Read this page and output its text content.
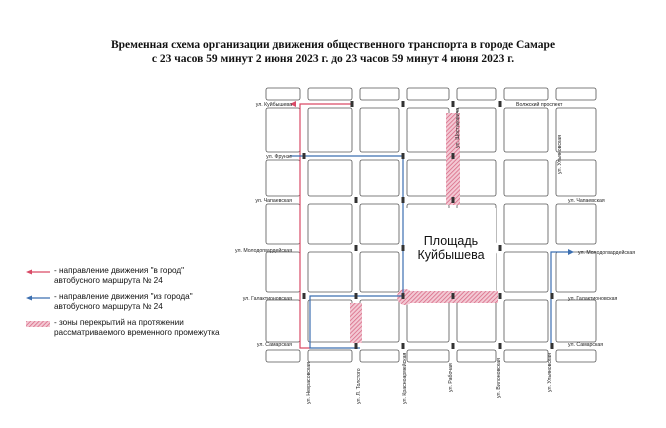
Временная схема организации движения общественного транспорта в городе Самаре
с 23 часов 59 минут 2 июня 2023 г. до 23 часов 59 минут 4 июня 2023 г.
Площадь
Куйбышева
ул. Куйбышева
ул. Фрунзе
ул. Чапаевская
ул. Молодогвардейская
ул. Галактионовская
ул. Самарская
Волжский проспект
ул. Чапаевская
ул. Молодогвардейская
ул. Галактионовская
ул. Самарская
ул. Ульяновская
ул. Ульяновская
ул. Шостаковича
ул. Некрасовская	ул. Л. Толстого	ул. Красноармейская	ул. Рабочая	ул. Вилоновская
- направление движения "в город"
автобусного маршрута № 24
- направление движения "из города"
автобусного маршрута № 24
- зоны перекрытий на протяжении
рассматриваемого временного промежутка
